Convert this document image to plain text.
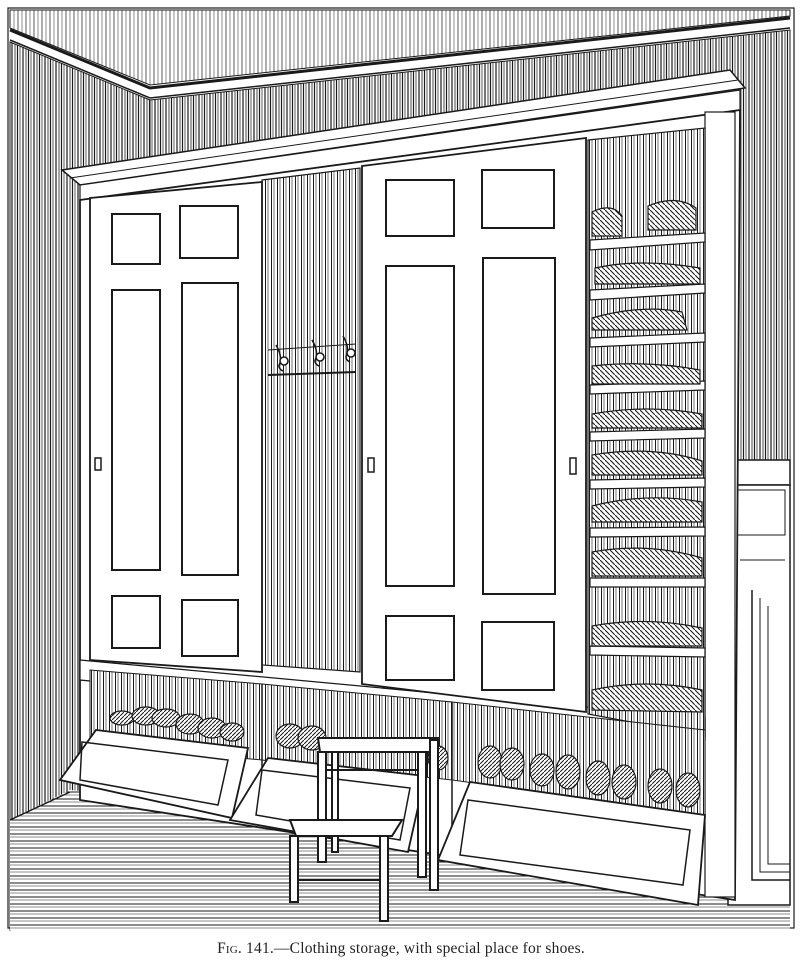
Fig. 141.—Clothing storage, with special place for shoes.
